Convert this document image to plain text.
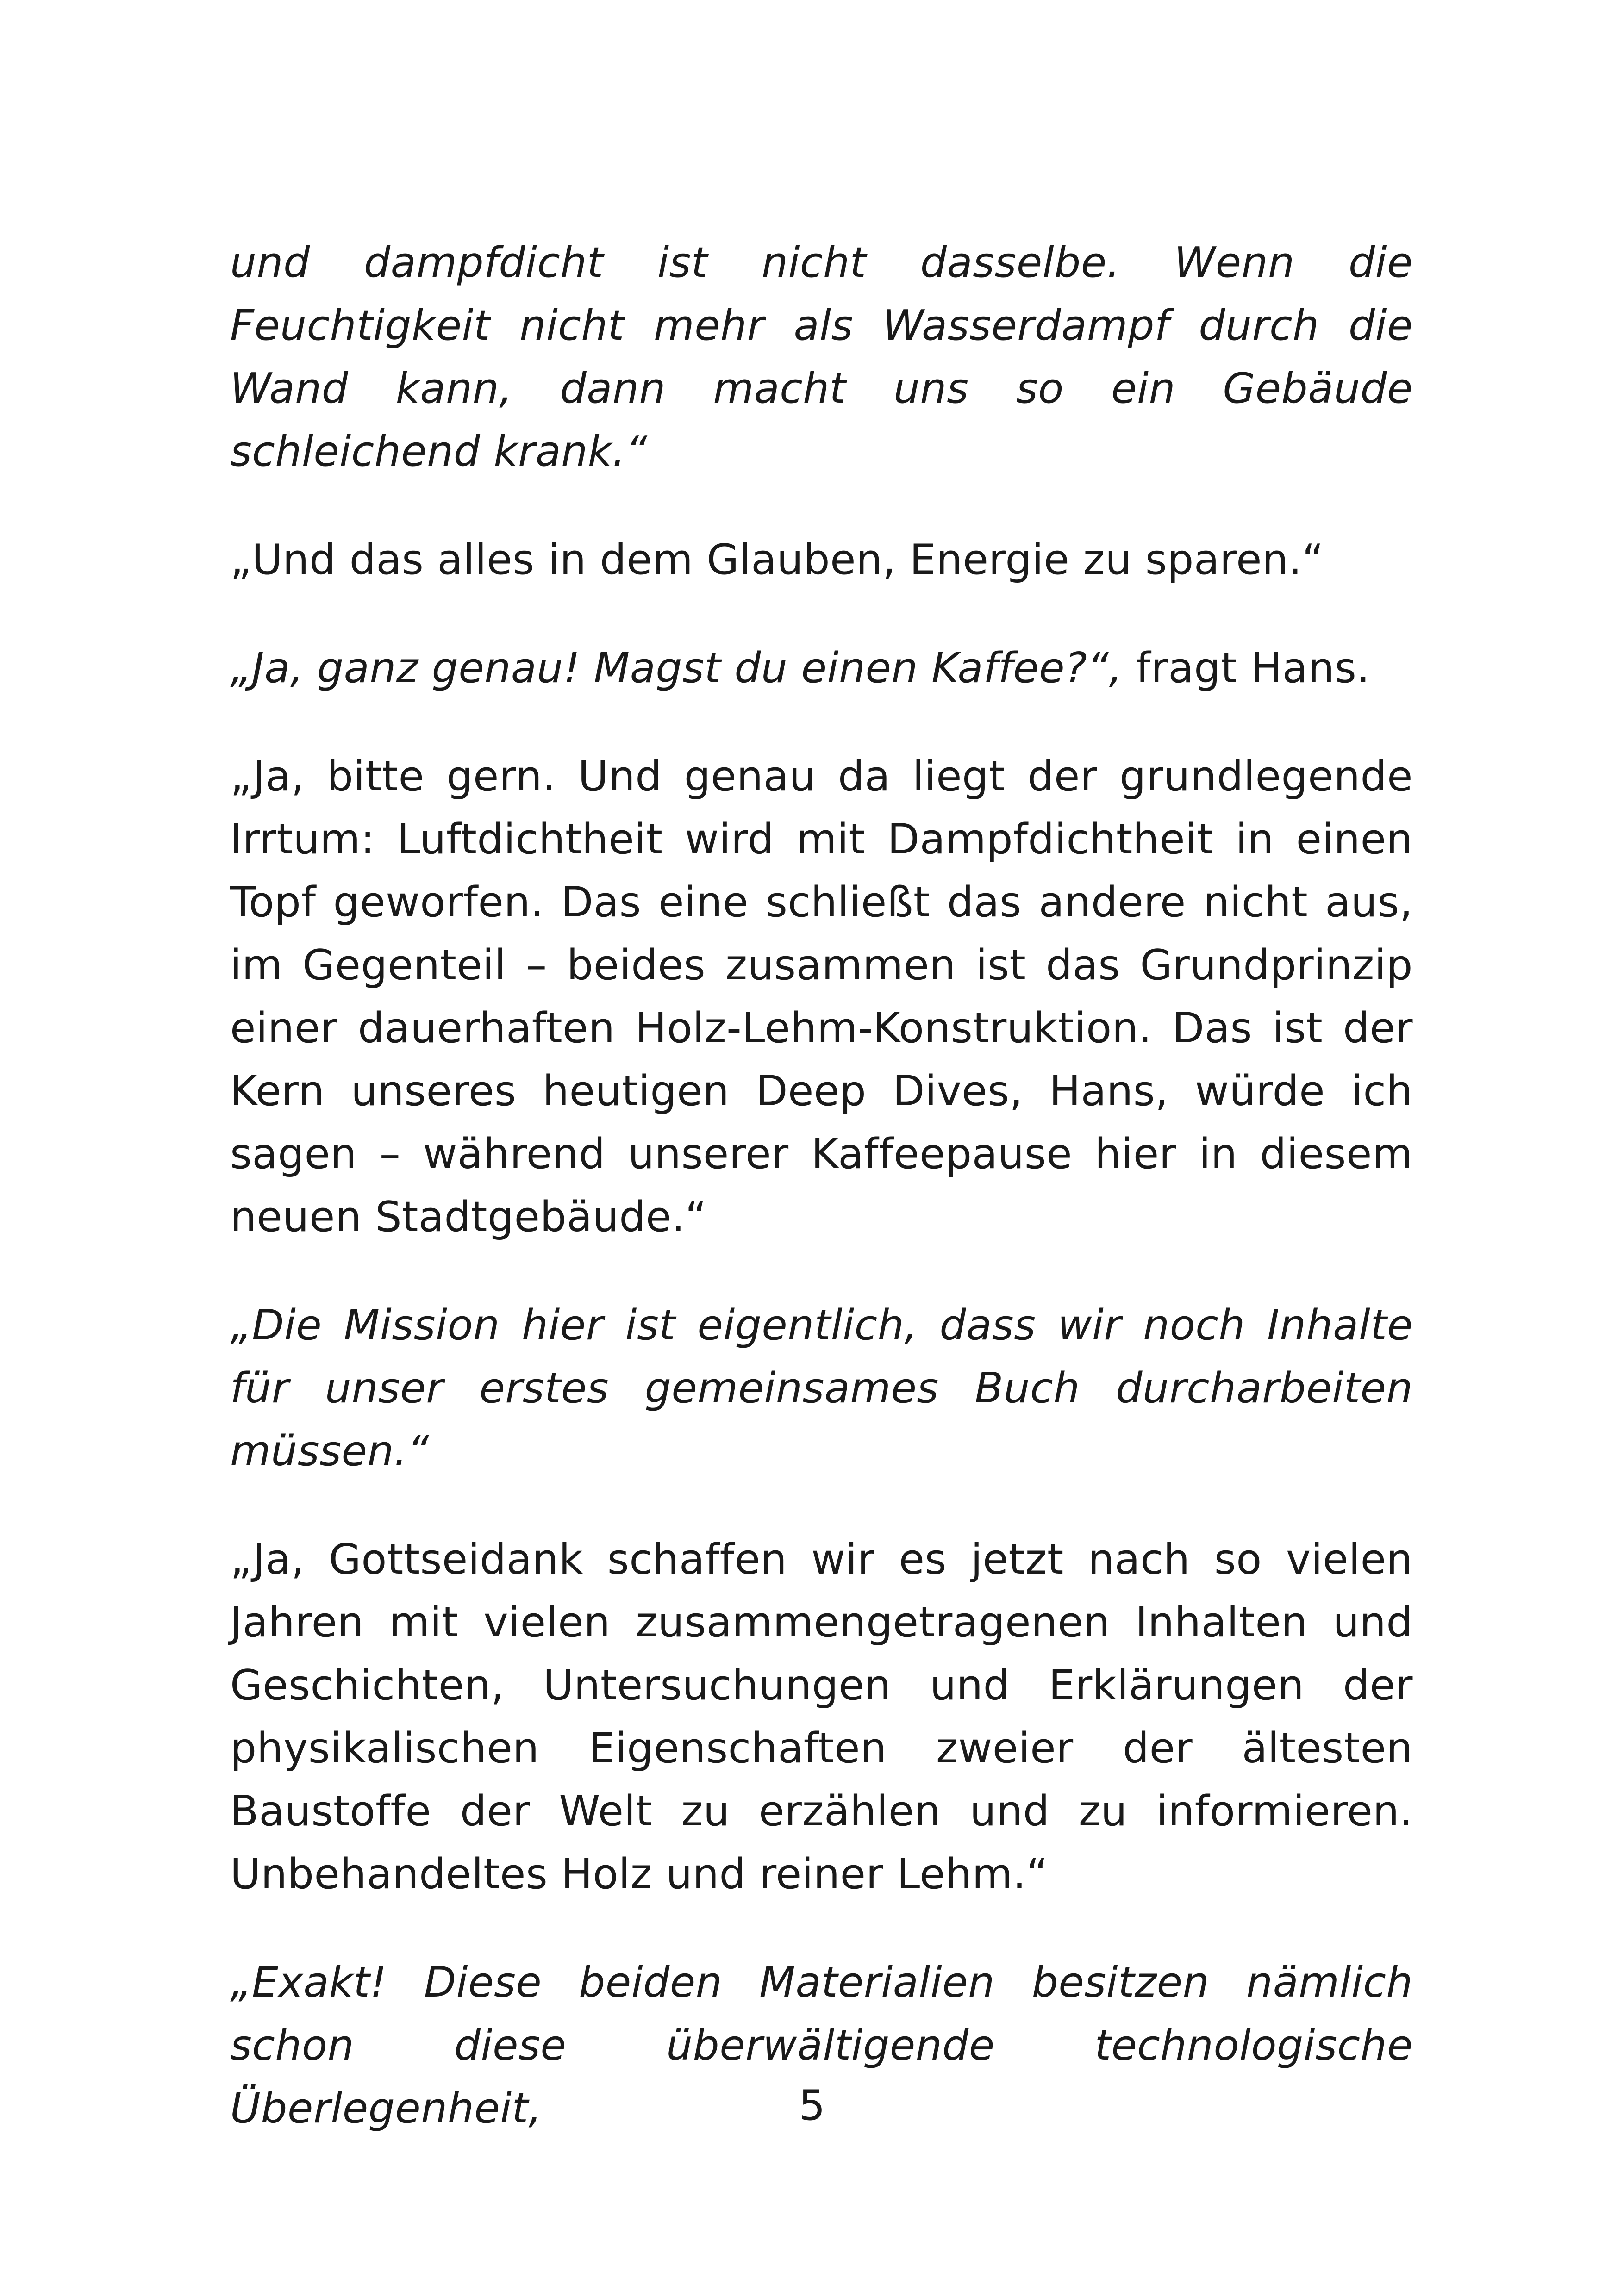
und dampfdicht ist nicht dasselbe. Wenn die Feuchtigkeit nicht mehr als Wasserdampf durch die Wand kann, dann macht uns so ein Gebäude schleichend krank.“

„Und das alles in dem Glauben, Energie zu sparen.“

„Ja, ganz genau! Magst du einen Kaffee?“, fragt Hans.

„Ja, bitte gern. Und genau da liegt der grundlegende Irrtum: Luftdichtheit wird mit Dampfdichtheit in einen Topf geworfen. Das eine schließt das andere nicht aus, im Gegenteil – beides zusammen ist das Grundprinzip einer dauerhaften Holz-Lehm-Konstruktion. Das ist der Kern unseres heutigen Deep Dives, Hans, würde ich sagen – während unserer Kaffeepause hier in diesem neuen Stadtgebäude.“

„Die Mission hier ist eigentlich, dass wir noch Inhalte für unser erstes gemeinsames Buch durcharbeiten müssen.“

„Ja, Gottseidank schaffen wir es jetzt nach so vielen Jahren mit vielen zusammengetragenen Inhalten und Geschichten, Untersuchungen und Erklärungen der physikalischen Eigenschaften zweier der ältesten Baustoffe der Welt zu erzählen und zu informieren. Unbehandeltes Holz und reiner Lehm.“

„Exakt! Diese beiden Materialien besitzen nämlich schon diese überwältigende technologische Überlegenheit,	5
